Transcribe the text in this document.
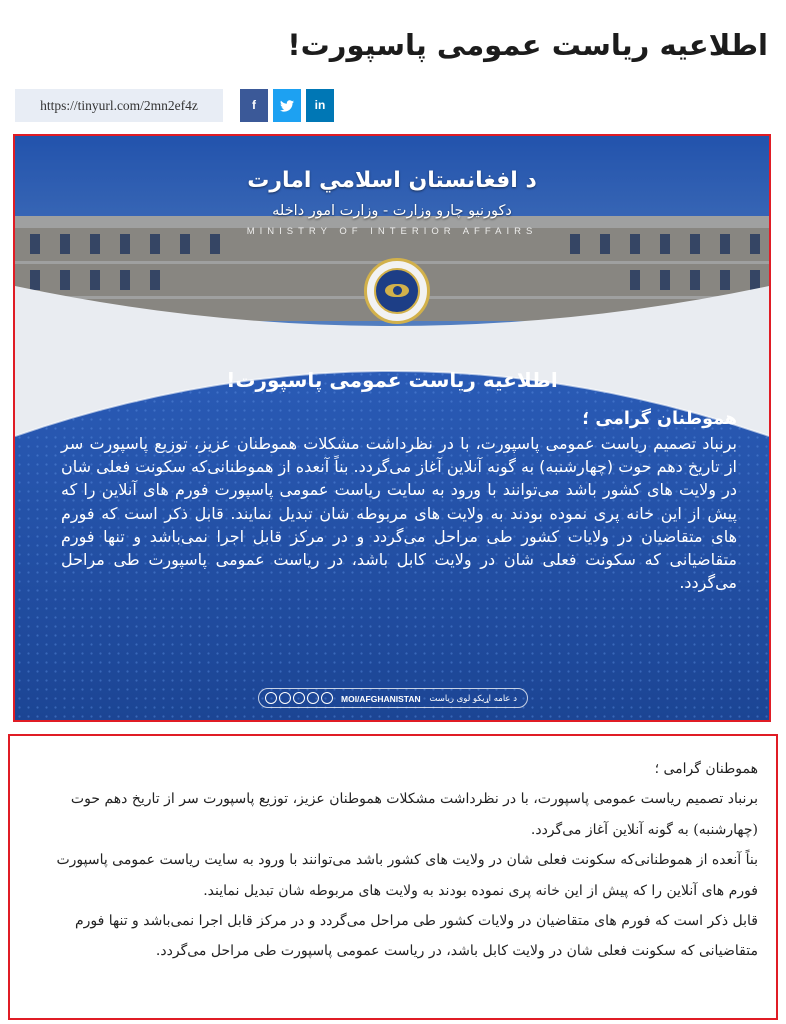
اطلاعیه ریاست عمومی پاسپورت!
https://tinyurl.com/2mn2ef4z	f	in
د افغانستان اسلامي امارت
دکورنیو چارو وزارت - وزارت امور داخله
MINISTRY OF INTERIOR AFFAIRS
اطلاعیه ریاست عمومی پاسپورت!
هموطنان گرامی ؛
برنباد تصمیم ریاست عمومی پاسپورت، با در نظرداشت مشکلات هموطنان عزیز، توزیع پاسپورت سر از تاریخ دهم حوت (چهارشنبه) به گونه آنلاین آغاز می‌گردد. بناً آنعده از هموطنانی‌که سکونت فعلی شان در ولایت های کشور باشد می‌توانند با ورود به سایت ریاست عمومی پاسپورت فورم های آنلاین را که پیش از این خانه پری نموده بودند به ولایت های مربوطه شان تبدیل نمایند. قابل ذکر است که فورم های متقاضیان در ولایات کشور طی مراحل می‌گردد و در مرکز قابل اجرا نمی‌باشد و تنها فورم متقاضیانی که سکونت فعلی شان در ولایت کابل باشد، در ریاست عمومی پاسپورت طی مراحل می‌گردد.
MOI/AFGHANISTAN د عامه اړیکو لوی ریاست

هموطنان گرامی ؛

برنباد تصمیم ریاست عمومی پاسپورت، با در نظرداشت مشکلات هموطنان عزیز، توزیع پاسپورت سر از تاریخ دهم حوت (چهارشنبه) به گونه آنلاین آغاز می‌گردد.

بناً آنعده از هموطنانی‌که سکونت فعلی شان در ولایت های کشور باشد می‌توانند با ورود به سایت ریاست عمومی پاسپورت فورم های آنلاین را که پیش از این خانه پری نموده بودند به ولایت های مربوطه شان تبدیل نمایند.

قابل ذکر است که فورم های متقاضیان در ولایات کشور طی مراحل می‌گردد و در مرکز قابل اجرا نمی‌باشد و تنها فورم متقاضیانی که سکونت فعلی شان در ولایت کابل باشد، در ریاست عمومی پاسپورت طی مراحل می‌گردد.
